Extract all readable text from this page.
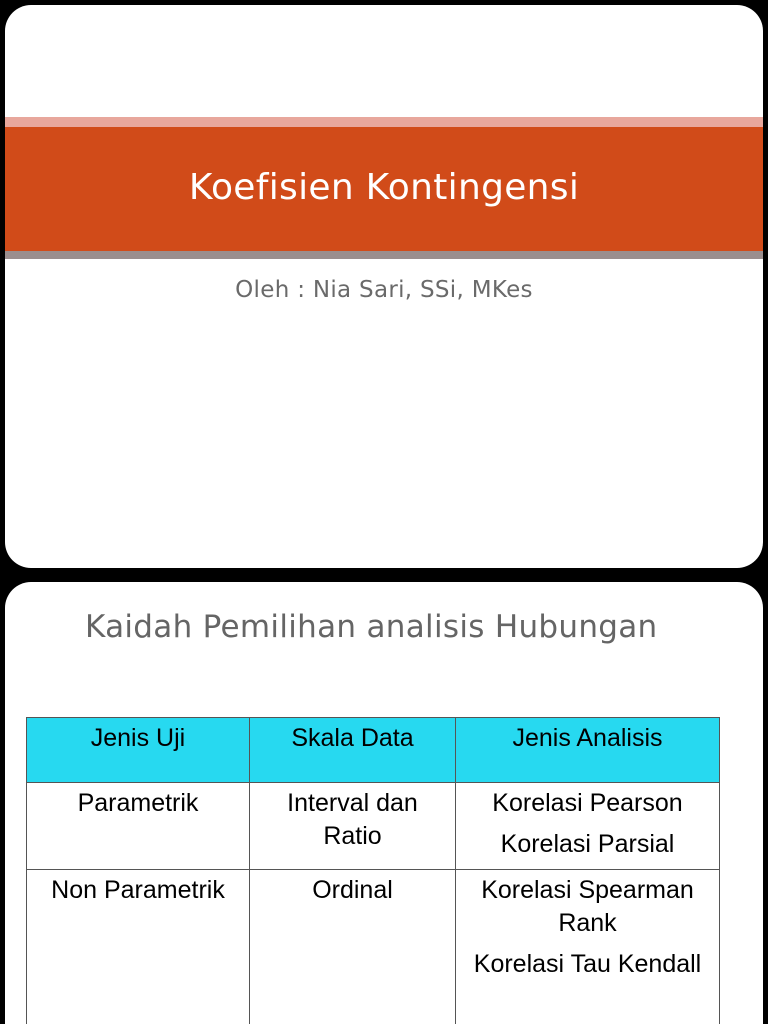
Koefisien Kontingensi
Oleh : Nia Sari, SSi, MKes
Kaidah Pemilihan analisis Hubungan
Jenis Uji	Skala Data	Jenis Analisis
Parametrik	Interval dan Ratio	Korelasi Pearson
Korelasi Parsial

Non Parametrik	Ordinal	Korelasi Spearman Rank
Korelasi Tau Kendall
